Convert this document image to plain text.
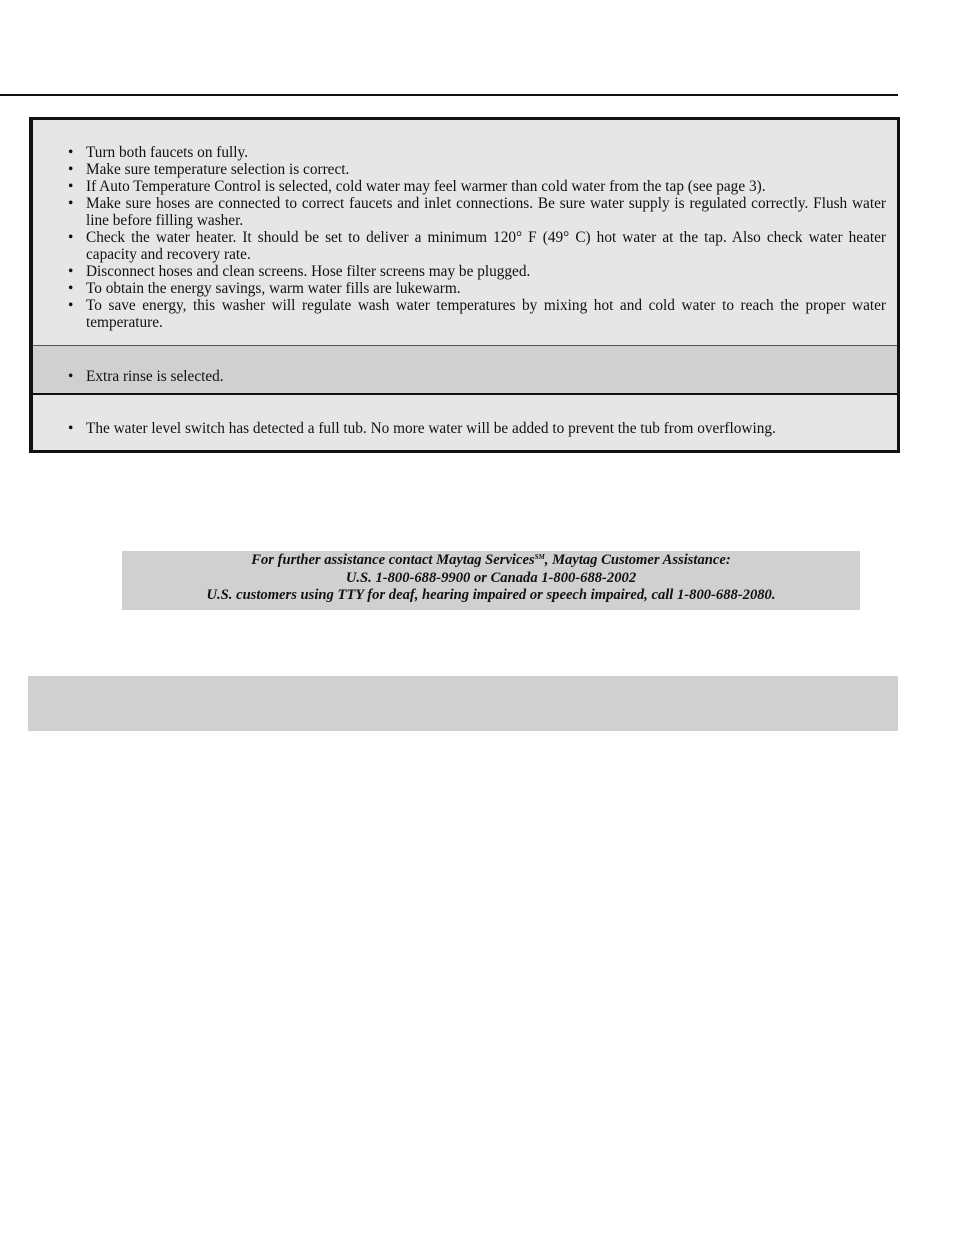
• Turn both faucets on fully.
• Make sure temperature selection is correct.
• If Auto Temperature Control is selected, cold water may feel warmer than cold water from the tap (see page 3).
• Make sure hoses are connected to correct faucets and inlet connections. Be sure water supply is regulated correctly. Flush water line before filling washer.
• Check the water heater. It should be set to deliver a minimum 120° F (49° C) hot water at the tap. Also check water heater capacity and recovery rate.
• Disconnect hoses and clean screens. Hose filter screens may be plugged.
• To obtain the energy savings, warm water fills are lukewarm.
• To save energy, this washer will regulate wash water temperatures by mixing hot and cold water to reach the proper water temperature.
• Extra rinse is selected.
• The water level switch has detected a full tub. No more water will be added to prevent the tub from overflowing.
For further assistance contact Maytag Services℠, Maytag Customer Assistance:
U.S. 1-800-688-9900 or Canada 1-800-688-2002
U.S. customers using TTY for deaf, hearing impaired or speech impaired, call 1-800-688-2080.
